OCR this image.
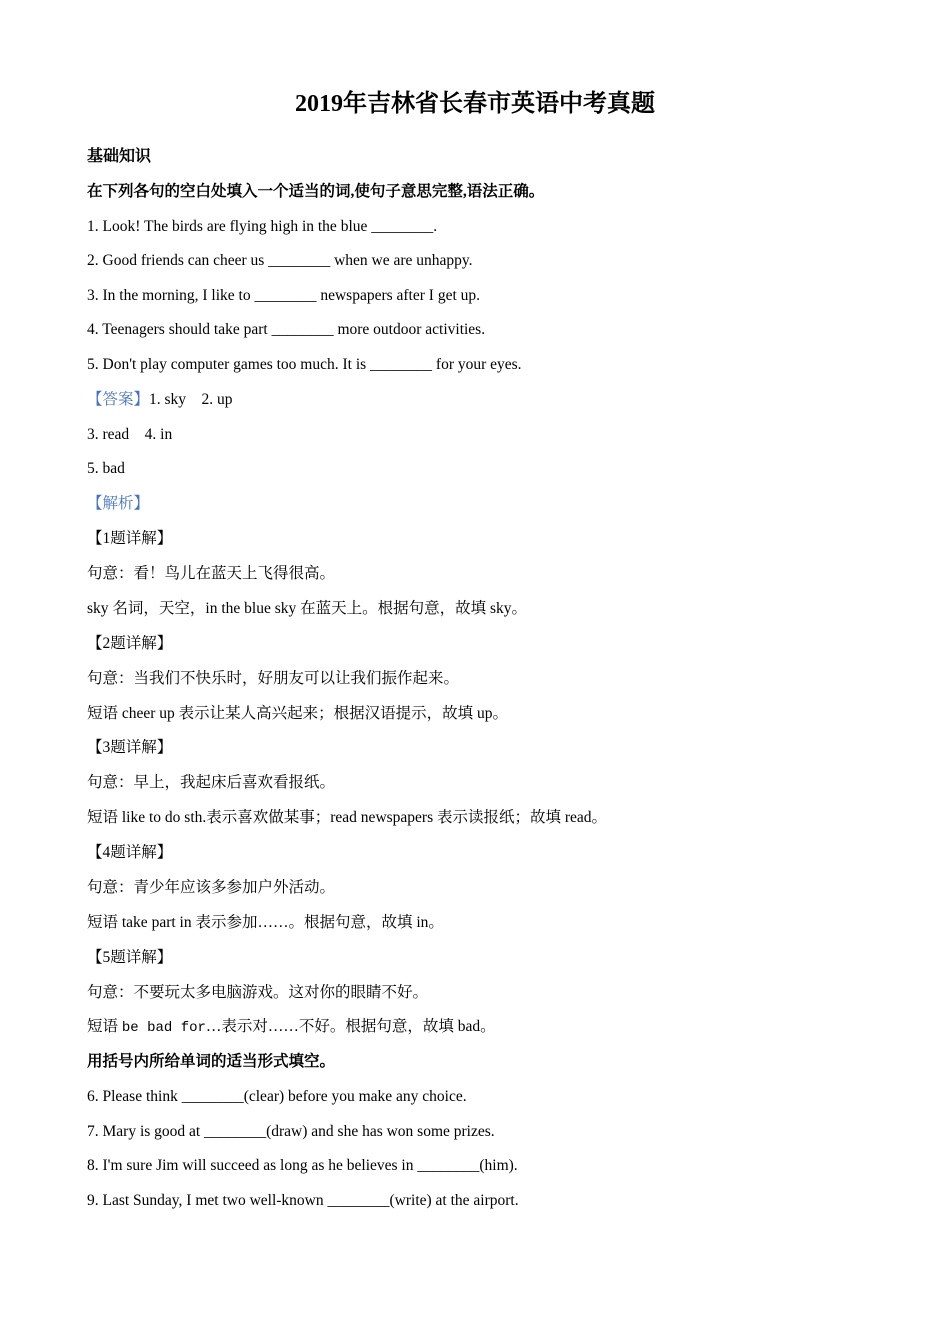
2019年吉林省长春市英语中考真题
基础知识
在下列各句的空白处填入一个适当的词,使句子意思完整,语法正确。
1. Look! The birds are flying high in the blue ________.
2. Good friends can cheer us ________ when we are unhappy.
3. In the morning, I like to ________ newspapers after I get up.
4. Teenagers should take part ________ more outdoor activities.
5. Don't play computer games too much. It is ________ for your eyes.
【答案】1. sky    2. up
3. read    4. in
5. bad
【解析】
【1题详解】
句意：看！鸟儿在蓝天上飞得很高。
sky 名词，天空，in the blue sky 在蓝天上。根据句意，故填 sky。
【2题详解】
句意：当我们不快乐时，好朋友可以让我们振作起来。
短语 cheer up 表示让某人高兴起来；根据汉语提示，故填 up。
【3题详解】
句意：早上，我起床后喜欢看报纸。
短语 like to do sth.表示喜欢做某事；read newspapers 表示读报纸；故填 read。
【4题详解】
句意：青少年应该多参加户外活动。
短语 take part in 表示参加……。根据句意，故填 in。
【5题详解】
句意：不要玩太多电脑游戏。这对你的眼睛不好。
短语 be bad for…表示对……不好。根据句意，故填 bad。
用括号内所给单词的适当形式填空。
6. Please think ________(clear) before you make any choice.
7. Mary is good at ________(draw) and she has won some prizes.
8. I'm sure Jim will succeed as long as he believes in ________(him).
9. Last Sunday, I met two well-known ________(write) at the airport.
